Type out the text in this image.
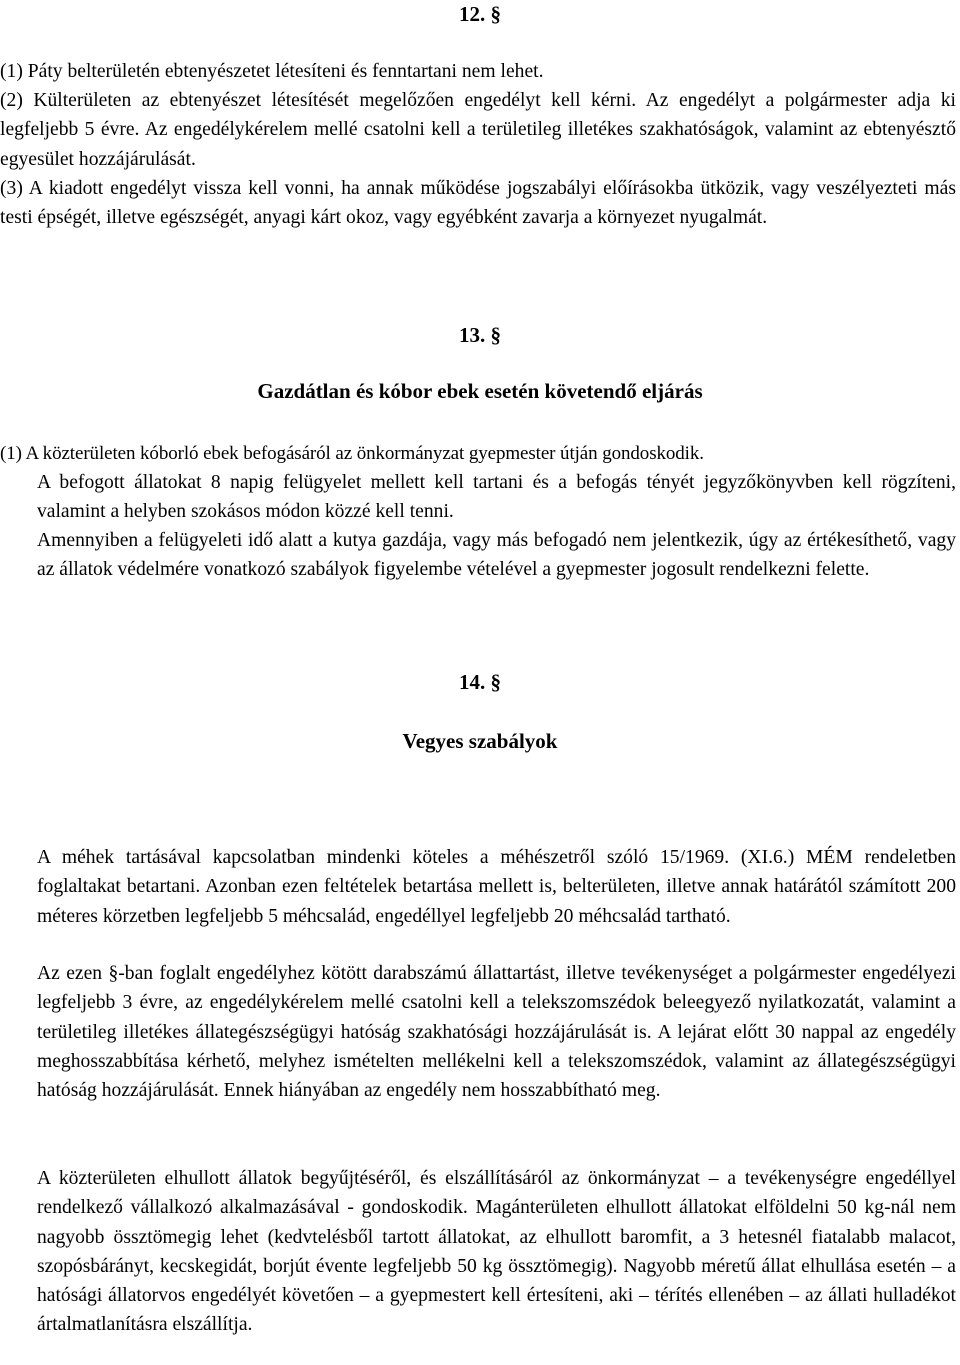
12. §

(1) Páty belterületén ebtenyészetet létesíteni és fenntartani nem lehet.

(2) Külterületen az ebtenyészet létesítését megelőzően engedélyt kell kérni. Az engedélyt a polgármester adja ki legfeljebb 5 évre. Az engedélykérelem mellé csatolni kell a területileg illetékes szakhatóságok, valamint az ebtenyésztő egyesület hozzájárulását.

(3) A kiadott engedélyt vissza kell vonni, ha annak működése jogszabályi előírásokba ütközik, vagy veszélyezteti más testi épségét, illetve egészségét, anyagi kárt okoz, vagy egyébként zavarja a környezet nyugalmát.

13. §
Gazdátlan és kóbor ebek esetén követendő eljárás

(1) A közterületen kóborló ebek befogásáról az önkormányzat gyepmester útján gondoskodik.

A befogott állatokat 8 napig felügyelet mellett kell tartani és a befogás tényét jegyzőkönyvben kell rögzíteni, valamint a helyben szokásos módon közzé kell tenni.
Amennyiben a felügyeleti idő alatt a kutya gazdája, vagy más befogadó nem jelentkezik, úgy az értékesíthető, vagy az állatok védelmére vonatkozó szabályok figyelembe vételével a gyepmester jogosult rendelkezni felette.
14. §
Vegyes szabályok
A méhek tartásával kapcsolatban mindenki köteles a méhészetről szóló 15/1969. (XI.6.) MÉM rendeletben foglaltakat betartani. Azonban ezen feltételek betartása mellett is, belterületen, illetve annak határától számított 200 méteres körzetben legfeljebb 5 méhcsalád, engedéllyel legfeljebb 20 méhcsalád tartható.
Az ezen §-ban foglalt engedélyhez kötött darabszámú állattartást, illetve tevékenységet a polgármester engedélyezi legfeljebb 3 évre, az engedélykérelem mellé csatolni kell a telekszomszédok beleegyező nyilatkozatát, valamint a területileg illetékes állategészségügyi hatóság szakhatósági hozzájárulását is. A lejárat előtt 30 nappal az engedély meghosszabbítása kérhető, melyhez ismételten mellékelni kell a telekszomszédok, valamint az állategészségügyi hatóság hozzájárulását. Ennek hiányában az engedély nem hosszabbítható meg.
A közterületen elhullott állatok begyűjtéséről, és elszállításáról az önkormányzat – a tevékenységre engedéllyel rendelkező vállalkozó alkalmazásával - gondoskodik. Magánterületen elhullott állatokat elföldelni 50 kg-nál nem nagyobb össztömegig lehet (kedvtelésből tartott állatokat, az elhullott baromfit, a 3 hetesnél fiatalabb malacot, szopósbárányt, kecskegidát, borjút évente legfeljebb 50 kg össztömegig). Nagyobb méretű állat elhullása esetén – a hatósági állatorvos engedélyét követően – a gyepmestert kell értesíteni, aki – térítés ellenében – az állati hulladékot ártalmatlanításra elszállítja.
